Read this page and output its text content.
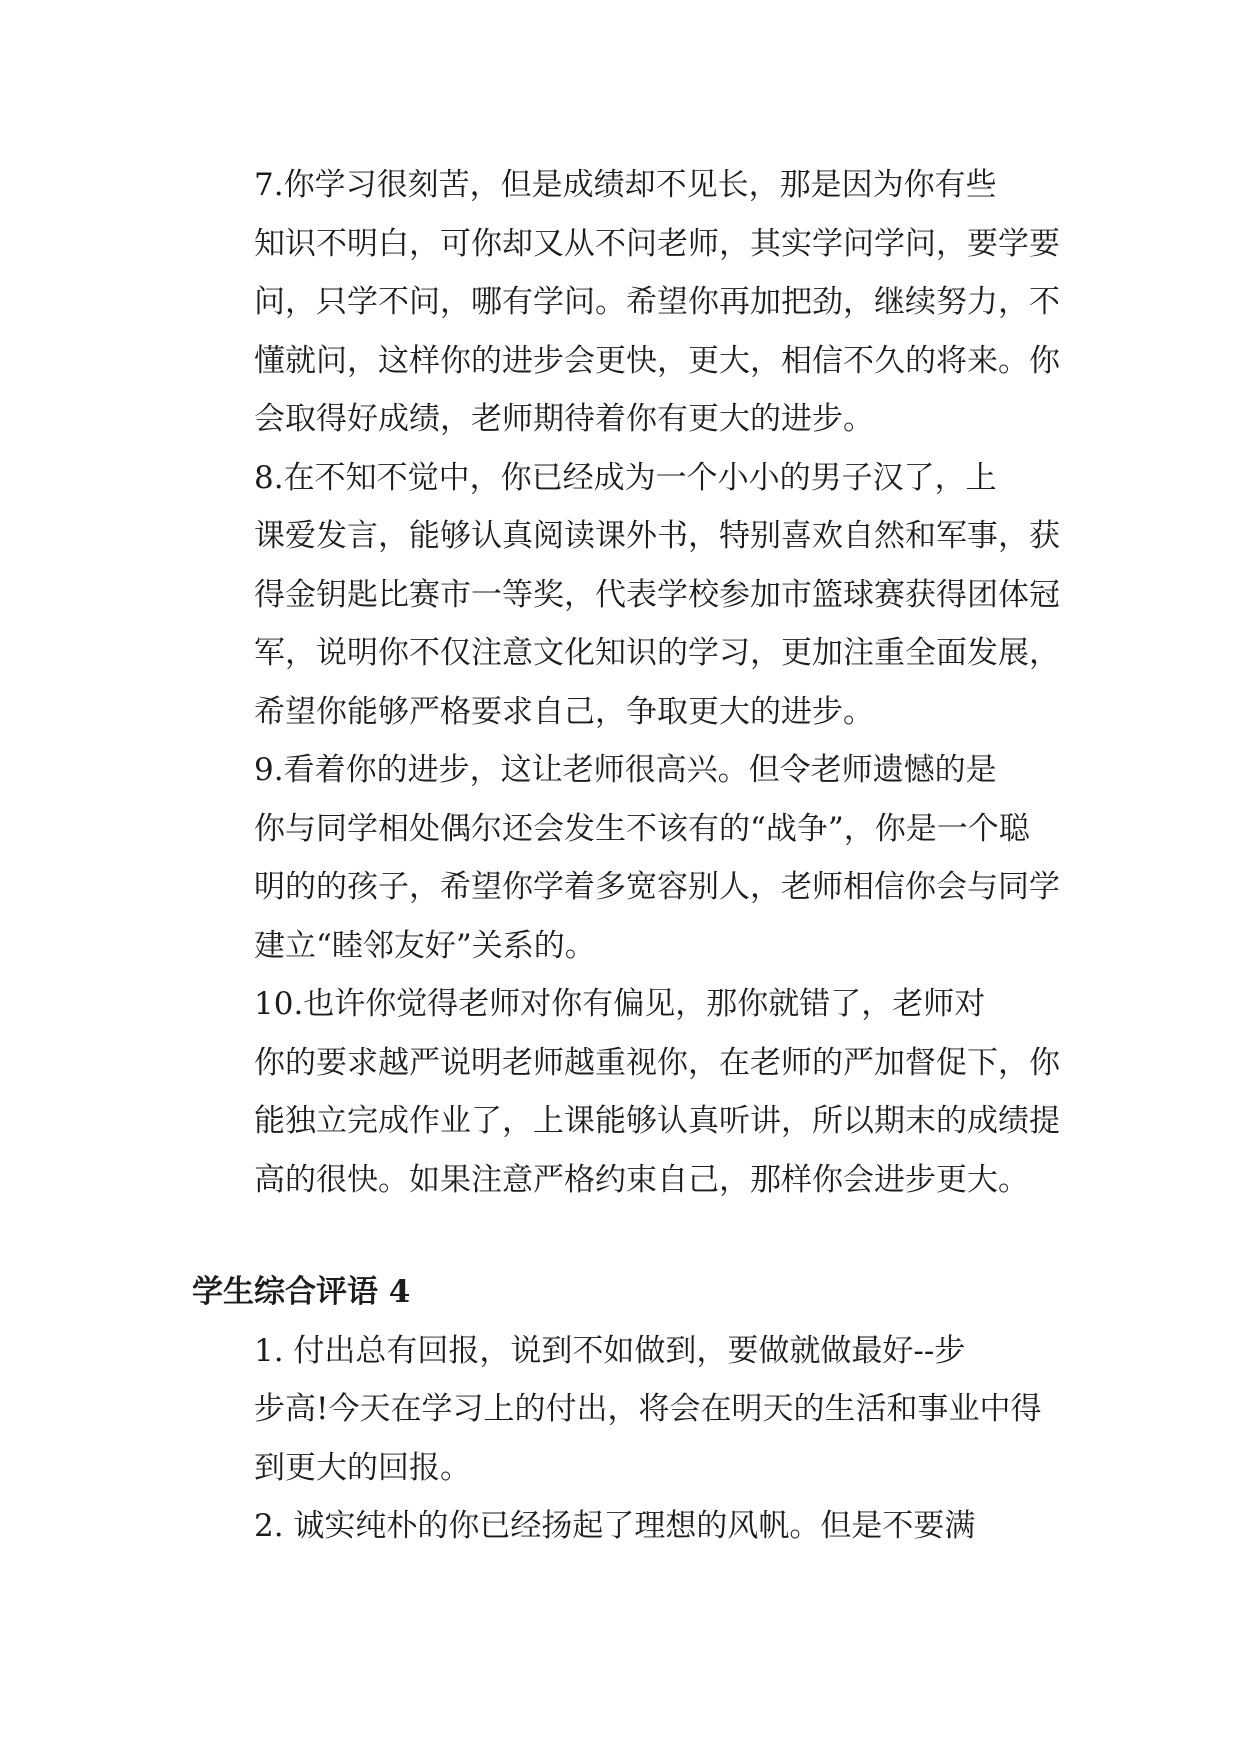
7.你学习很刻苦，但是成绩却不见长，那是因为你有些
知识不明白，可你却又从不问老师，其实学问学问，要学要
问，只学不问，哪有学问。希望你再加把劲，继续努力，不
懂就问，这样你的进步会更快，更大，相信不久的将来。你
会取得好成绩，老师期待着你有更大的进步。

8.在不知不觉中，你已经成为一个小小的男子汉了，上
课爱发言，能够认真阅读课外书，特别喜欢自然和军事，获
得金钥匙比赛市一等奖，代表学校参加市篮球赛获得团体冠
军，说明你不仅注意文化知识的学习，更加注重全面发展，
希望你能够严格要求自己，争取更大的进步。

9.看着你的进步，这让老师很高兴。但令老师遗憾的是
你与同学相处偶尔还会发生不该有的“战争”，你是一个聪
明的的孩子，希望你学着多宽容别人，老师相信你会与同学
建立“睦邻友好”关系的。

10.也许你觉得老师对你有偏见，那你就错了，老师对
你的要求越严说明老师越重视你，在老师的严加督促下，你
能独立完成作业了，上课能够认真听讲，所以期末的成绩提
高的很快。如果注意严格约束自己，那样你会进步更大。

学生综合评语 4

1. 付出总有回报，说到不如做到，要做就做最好--步
步高!今天在学习上的付出，将会在明天的生活和事业中得
到更大的回报。

2. 诚实纯朴的你已经扬起了理想的风帆。但是不要满
